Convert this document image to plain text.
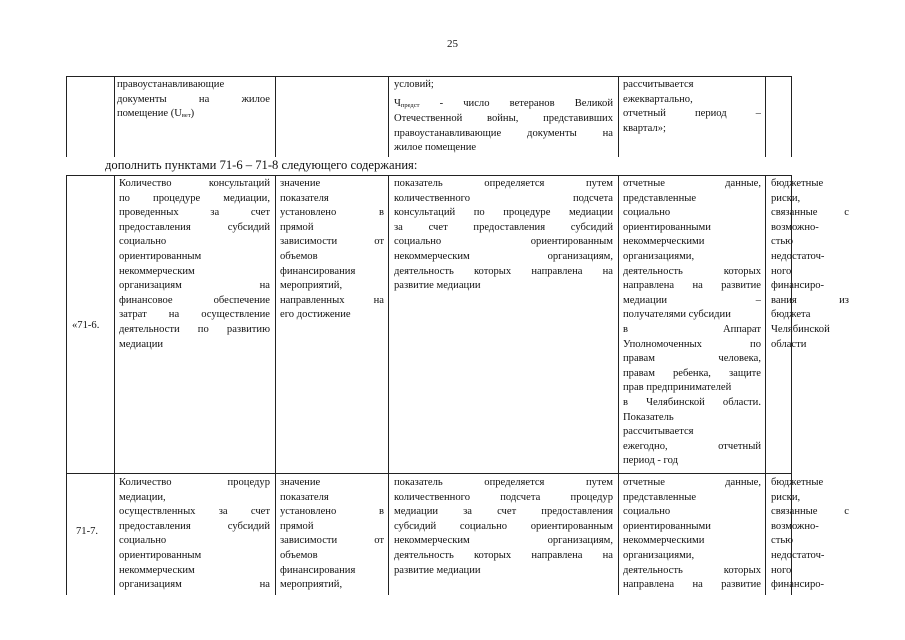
25
правоустанавливающие
документы на жилое
помещение $(U_{вет})$
условий;
$Ч_{предст}$ - число ветеранов Великой
Отечественной войны, представивших
правоустанавливающие документы на
жилое помещение
рассчитывается
ежеквартально,
отчетный период –
квартал»;
дополнить пунктами 71-6 – 71-8 следующего содержания:
«71-6.
Количество консультаций
по процедуре медиации,
проведенных за счет
предоставления субсидий
социально
ориентированным
некоммерческим
организациям на
финансовое обеспечение
затрат на осуществление
деятельности по развитию
медиации
значение
показателя
установлено в
прямой
зависимости от
объемов
финансирования
мероприятий,
направленных на
его достижение
показатель определяется путем
количественного подсчета
консультаций по процедуре медиации
за счет предоставления субсидий
социально ориентированным
некоммерческим организациям,
деятельность которых направлена на
развитие медиации
отчетные данные,
представленные
социально
ориентированными
некоммерческими
организациями,
деятельность которых
направлена на развитие
медиации –
получателями субсидии
в Аппарат
Уполномоченных по
правам человека,
правам ребенка, защите
прав предпринимателей
в Челябинской области.
Показатель
рассчитывается
ежегодно, отчетный
период - год
бюджетные
риски,
связанные с
возможно-
стью
недостаточ-
ного
финансиро-
вания из
бюджета
Челябинской
области
71-7.
Количество процедур
медиации,
осуществленных за счет
предоставления субсидий
социально
ориентированным
некоммерческим
организациям на
значение
показателя
установлено в
прямой
зависимости от
объемов
финансирования
мероприятий,
показатель определяется путем
количественного подсчета процедур
медиации за счет предоставления
субсидий социально ориентированным
некоммерческим организациям,
деятельность которых направлена на
развитие медиации
отчетные данные,
представленные
социально
ориентированными
некоммерческими
организациями,
деятельность которых
направлена на развитие
бюджетные
риски,
связанные с
возможно-
стью
недостаточ-
ного
финансиро-
